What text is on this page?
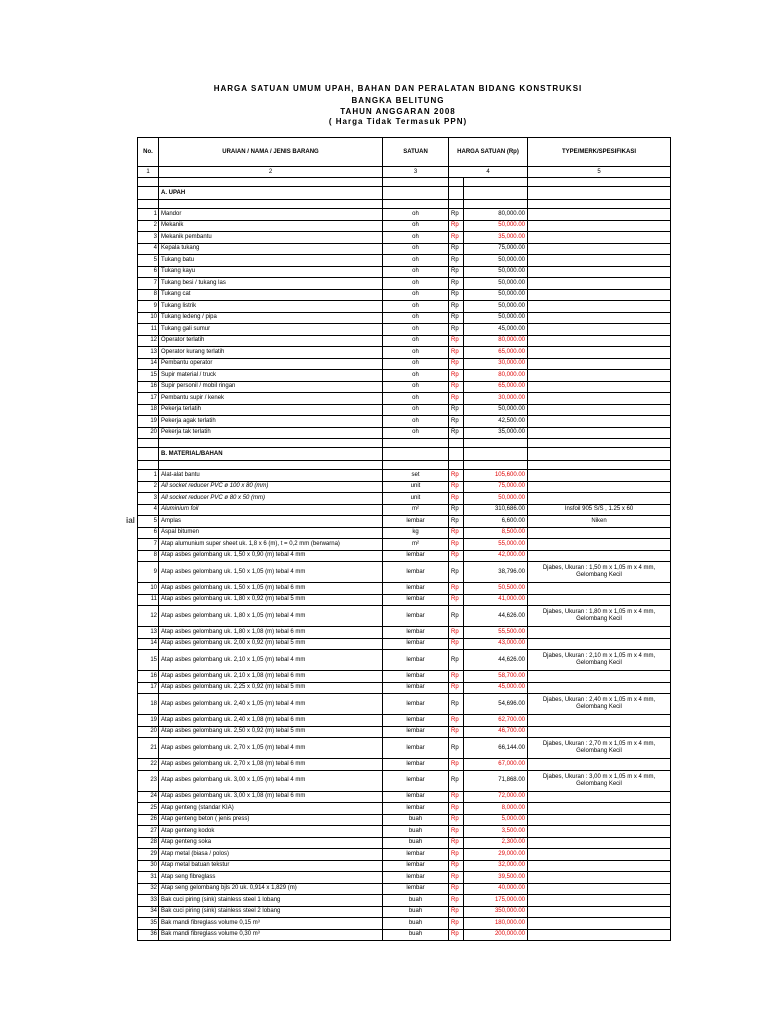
HARGA SATUAN UMUM UPAH, BAHAN DAN PERALATAN BIDANG KONSTRUKSI
BANGKA BELITUNG
TAHUN ANGGARAN 2008
( Harga Tidak Termasuk PPN)
ial
No.	URAIAN / NAMA / JENIS BARANG	SATUAN	HARGA SATUAN (Rp)		TYPE/MERK/SPESIFIKASI
1	2	3	4		5

	A. UPAH				

1	Mandor	oh	Rp	80,000.00	
2	Mekanik	oh	Rp	50,000.00	
3	Mekanik pembantu	oh	Rp	35,000.00	
4	Kepala tukang	oh	Rp	75,000.00	
5	Tukang batu	oh	Rp	50,000.00	
6	Tukang kayu	oh	Rp	50,000.00	
7	Tukang besi / tukang las	oh	Rp	50,000.00	
8	Tukang cat	oh	Rp	50,000.00	
9	Tukang listrik	oh	Rp	50,000.00	
10	Tukang ledeng / pipa	oh	Rp	50,000.00	
11	Tukang gali sumur	oh	Rp	45,000.00	
12	Operator terlatih	oh	Rp	80,000.00	
13	Operator kurang terlatih	oh	Rp	65,000.00	
14	Pembantu operator	oh	Rp	30,000.00	
15	Supir material / truck	oh	Rp	80,000.00	
16	Supir personil / mobil ringan	oh	Rp	65,000.00	
17	Pembantu supir / kenek	oh	Rp	30,000.00	
18	Pekerja terlatih	oh	Rp	50,000.00	
19	Pekerja agak terlatih	oh	Rp	42,500.00	
20	Pekerja tak terlatih	oh	Rp	35,000.00	

	B. MATERIAL/BAHAN				

1	Alat-alat bantu	set	Rp	105,600.00	
2	All socket reducer PVC ø 100 x 80 (mm)	unit	Rp	75,000.00	
3	All socket reducer PVC ø 80 x 50 (mm)	unit	Rp	50,000.00	
4	Aluminium foil	m²	Rp	310,686.00	Insfoil 905 S/S , 1.25 x 60
5	Amplas	lembar	Rp	6,600.00	Niken
6	Aspal bitumen	kg	Rp	8,500.00	
7	Atap alumunium super sheet uk. 1,8 x 6 (m), t = 0,2 mm (berwarna)	m²	Rp	55,000.00	
8	Atap asbes gelombang uk. 1,50 x 0,90 (m) tebal 4 mm	lembar	Rp	42,000.00	
9	Atap asbes gelombang uk. 1,50 x 1,05 (m) tebal 4 mm	lembar	Rp	38,796.00	Djabes, Ukuran : 1,50 m x 1,05 m x 4 mm, Gelombang Kecil
10	Atap asbes gelombang uk. 1,50 x 1,05 (m) tebal 6 mm	lembar	Rp	50,500.00	
11	Atap asbes gelombang uk. 1,80 x 0,92 (m) tebal 5 mm	lembar	Rp	41,000.00	
12	Atap asbes gelombang uk. 1,80 x 1,05 (m) tebal 4 mm	lembar	Rp	44,626.00	Djabes, Ukuran : 1,80 m x 1,05 m x 4 mm, Gelombang Kecil
13	Atap asbes gelombang uk. 1,80 x 1,08 (m) tebal 6 mm	lembar	Rp	55,500.00	
14	Atap asbes gelombang uk. 2,00 x 0,92 (m) tebal 5 mm	lembar	Rp	43,000.00	
15	Atap asbes gelombang uk. 2,10 x 1,05 (m) tebal 4 mm	lembar	Rp	44,626.00	Djabes, Ukuran : 2,10 m x 1,05 m x 4 mm, Gelombang Kecil
16	Atap asbes gelombang uk. 2,10 x 1,08 (m) tebal 6 mm	lembar	Rp	58,700.00	
17	Atap asbes gelombang uk. 2,25 x 0,92 (m) tebal 5 mm	lembar	Rp	45,000.00	
18	Atap asbes gelombang uk. 2,40 x 1,05 (m) tebal 4 mm	lembar	Rp	54,696.00	Djabes, Ukuran : 2,40 m x 1,05 m x 4 mm, Gelombang Kecil
19	Atap asbes gelombang uk. 2,40 x 1,08 (m) tebal 6 mm	lembar	Rp	62,700.00	
20	Atap asbes gelombang uk. 2,50 x 0,92 (m) tebal 5 mm	lembar	Rp	46,700.00	
21	Atap asbes gelombang uk. 2,70 x 1,05 (m) tebal 4 mm	lembar	Rp	66,144.00	Djabes, Ukuran : 2,70 m x 1,05 m x 4 mm, Gelombang Kecil
22	Atap asbes gelombang uk. 2,70 x 1,08 (m) tebal 6 mm	lembar	Rp	67,000.00	
23	Atap asbes gelombang uk. 3,00 x 1,05 (m) tebal 4 mm	lembar	Rp	71,868.00	Djabes, Ukuran : 3,00 m x 1,05 m x 4 mm, Gelombang Kecil
24	Atap asbes gelombang uk. 3,00 x 1,08 (m) tebal 6 mm	lembar	Rp	72,000.00	
25	Atap genteng (standar KIA)	lembar	Rp	8,000.00	
26	Atap genteng beton ( jenis press)	buah	Rp	5,000.00	
27	Atap genteng kodok	buah	Rp	3,500.00	
28	Atap genteng soka	buah	Rp	2,300.00	
29	Atap metal (biasa / polos)	lembar	Rp	29,000.00	
30	Atap metal batuan tekstur	lembar	Rp	32,000.00	
31	Atap seng fibreglass	lembar	Rp	39,500.00	
32	Atap seng gelombang bjls 20 uk. 0,914 x 1,829 (m)	lembar	Rp	40,000.00	
33	Bak cuci piring (sink) stainless steel 1 lobang	buah	Rp	175,000.00	
34	Bak cuci piring (sink) stainless steel 2 lobang	buah	Rp	350,000.00	
35	Bak mandi fibreglass volume 0,15 m³	buah	Rp	180,000.00	
36	Bak mandi fibreglass volume 0,30 m³	buah	Rp	200,000.00	
